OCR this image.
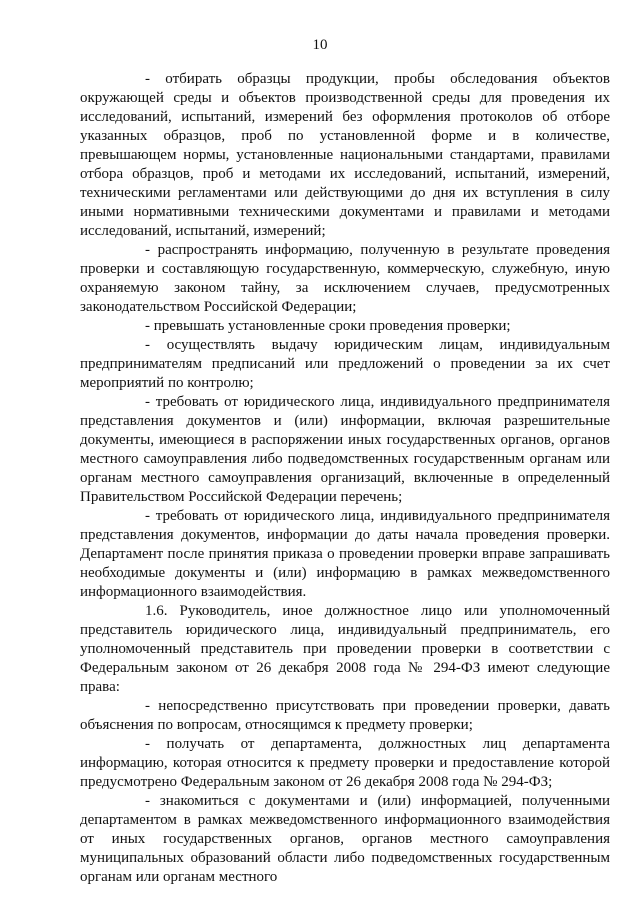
10

- отбирать образцы продукции, пробы обследования объектов окружающей среды и объектов производственной среды для проведения их исследований, испытаний, измерений без оформления протоколов об отборе указанных образцов, проб по установленной форме и в количестве, превышающем нормы, установленные национальными стандартами, правилами отбора образцов, проб и методами их исследований, испытаний, измерений, техническими регламентами или действующими до дня их вступления в силу иными нормативными техническими документами и правилами и методами исследований, испытаний, измерений;

- распространять информацию, полученную в результате проведения проверки и составляющую государственную, коммерческую, служебную, иную охраняемую законом тайну, за исключением случаев, предусмотренных законодательством Российской Федерации;

- превышать установленные сроки проведения проверки;

- осуществлять выдачу юридическим лицам, индивидуальным предпринимателям предписаний или предложений о проведении за их счет мероприятий по контролю;

- требовать от юридического лица, индивидуального предпринимателя представления документов и (или) информации, включая разрешительные документы, имеющиеся в распоряжении иных государственных органов, органов местного самоуправления либо подведомственных государственным органам или органам местного самоуправления организаций, включенные в определенный Правительством Российской Федерации перечень;

- требовать от юридического лица, индивидуального предпринимателя представления документов, информации до даты начала проведения проверки. Департамент после принятия приказа о проведении проверки вправе запрашивать необходимые документы и (или) информацию в рамках межведомственного информационного взаимодействия.

1.6. Руководитель, иное должностное лицо или уполномоченный представитель юридического лица, индивидуальный предприниматель, его уполномоченный представитель при проведении проверки в соответствии с Федеральным законом от 26 декабря 2008 года № 294-ФЗ имеют следующие права:

- непосредственно присутствовать при проведении проверки, давать объяснения по вопросам, относящимся к предмету проверки;

- получать от департамента, должностных лиц департамента информацию, которая относится к предмету проверки и предоставление которой предусмотрено Федеральным законом от 26 декабря 2008 года № 294-ФЗ;

- знакомиться с документами и (или) информацией, полученными департаментом в рамках межведомственного информационного взаимодействия от иных государственных органов, органов местного самоуправления муниципальных образований области либо подведомственных государственным органам или органам местного
